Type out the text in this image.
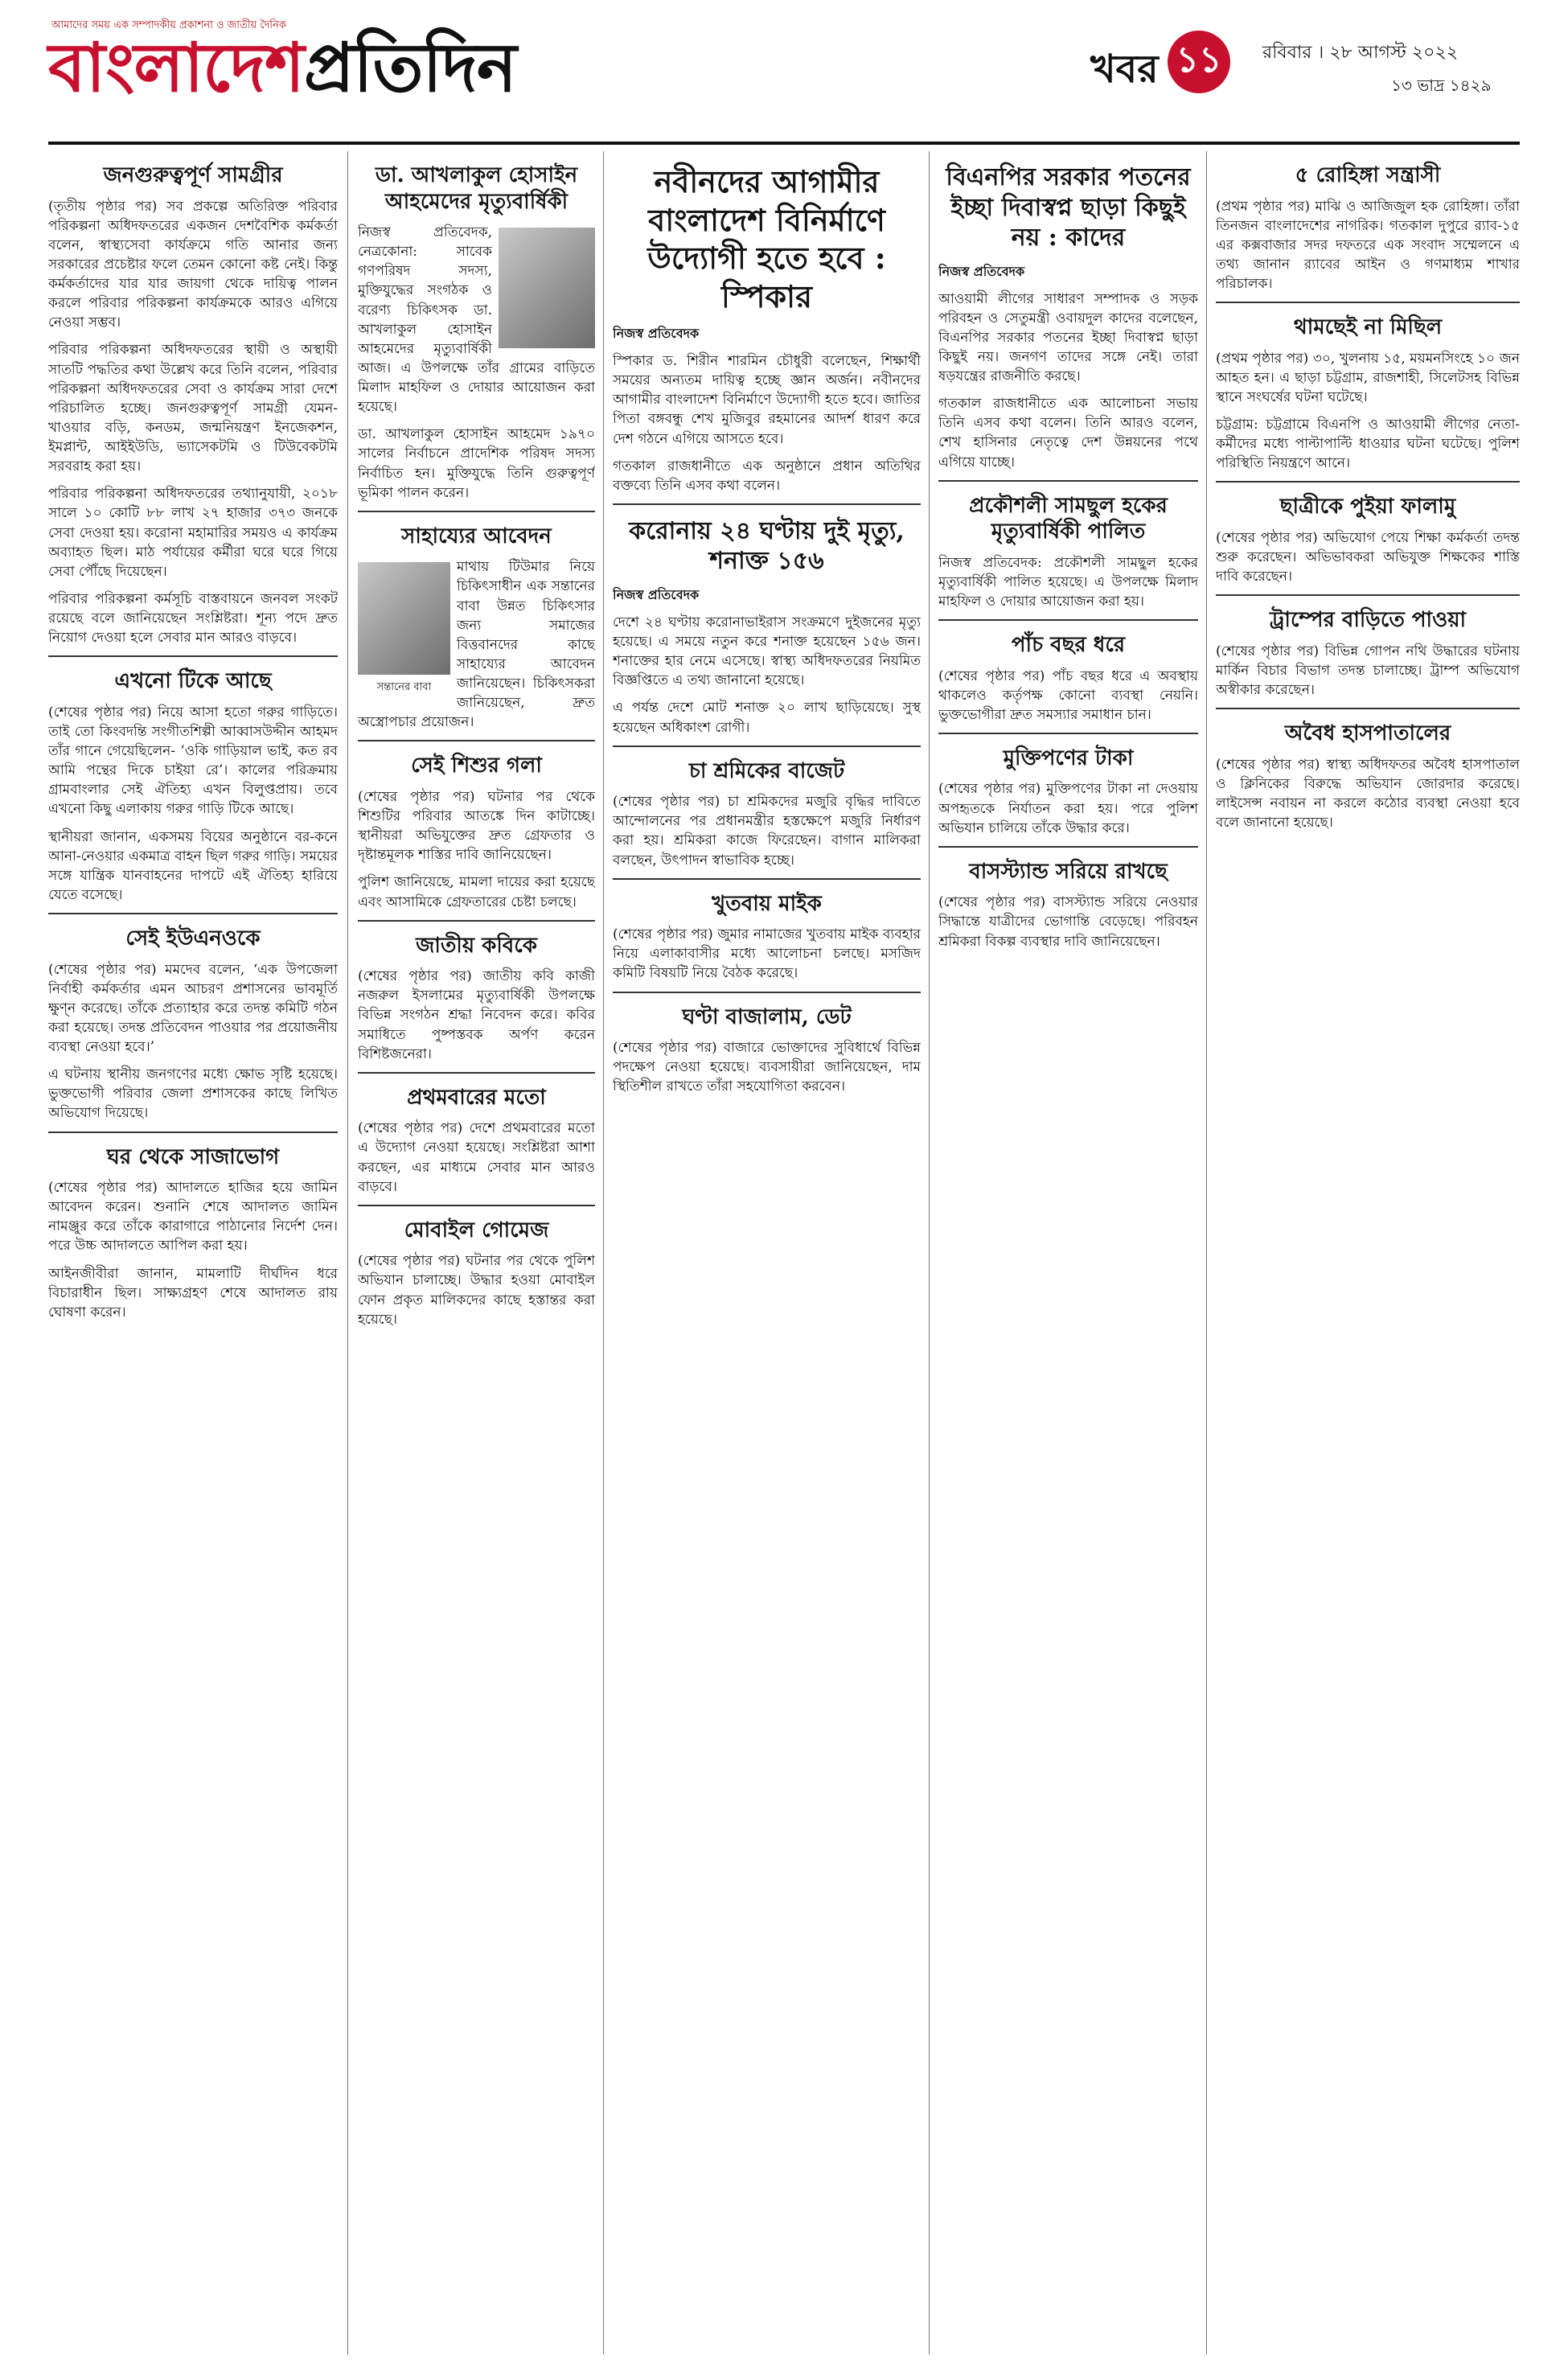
আমাদের সময় এক সম্পাদকীয় প্রকাশনা ও জাতীয় দৈনিক
বাংলাদেশপ্রতিদিন	খবর ১১	রবিবার । ২৮ আগস্ট ২০২২
১৩ ভাদ্র ১৪২৯
জনগুরুত্বপূর্ণ সামগ্রীর

(তৃতীয় পৃষ্ঠার পর) সব প্রকল্পে অতিরিক্ত পরিবার পরিকল্পনা অধিদফতরের একজন দেশবৈশিক কর্মকর্তা বলেন, স্বাস্থ্যসেবা কার্যক্রমে গতি আনার জন্য সরকারের প্রচেষ্টার ফলে তেমন কোনো কষ্ট নেই। কিন্তু কর্মকর্তাদের যার যার জায়গা থেকে দায়িত্ব পালন করলে পরিবার পরিকল্পনা কার্যক্রমকে আরও এগিয়ে নেওয়া সম্ভব।

পরিবার পরিকল্পনা অধিদফতরের স্থায়ী ও অস্থায়ী সাতটি পদ্ধতির কথা উল্লেখ করে তিনি বলেন, পরিবার পরিকল্পনা অধিদফতরের সেবা ও কার্যক্রম সারা দেশে পরিচালিত হচ্ছে। জনগুরুত্বপূর্ণ সামগ্রী যেমন- খাওয়ার বড়ি, কনডম, জন্মনিয়ন্ত্রণ ইনজেকশন, ইমপ্লান্ট, আইইউডি, ভ্যাসেকটমি ও টিউবেকটমি সরবরাহ করা হয়।

পরিবার পরিকল্পনা অধিদফতরের তথ্যানুযায়ী, ২০১৮ সালে ১০ কোটি ৮৮ লাখ ২৭ হাজার ৩৭৩ জনকে সেবা দেওয়া হয়। করোনা মহামারির সময়ও এ কার্যক্রম অব্যাহত ছিল। মাঠ পর্যায়ের কর্মীরা ঘরে ঘরে গিয়ে সেবা পৌঁছে দিয়েছেন।

পরিবার পরিকল্পনা কর্মসূচি বাস্তবায়নে জনবল সংকট রয়েছে বলে জানিয়েছেন সংশ্লিষ্টরা। শূন্য পদে দ্রুত নিয়োগ দেওয়া হলে সেবার মান আরও বাড়বে।

এখনো টিকে আছে

(শেষের পৃষ্ঠার পর) নিয়ে আসা হতো গরুর গাড়িতে। তাই তো কিংবদন্তি সংগীতশিল্পী আব্বাসউদ্দীন আহমদ তাঁর গানে গেয়েছিলেন- ‘ওকি গাড়িয়াল ভাই, কত রব আমি পন্থের দিকে চাইয়া রে’। কালের পরিক্রমায় গ্রামবাংলার সেই ঐতিহ্য এখন বিলুপ্তপ্রায়। তবে এখনো কিছু এলাকায় গরুর গাড়ি টিকে আছে।

স্থানীয়রা জানান, একসময় বিয়ের অনুষ্ঠানে বর-কনে আনা-নেওয়ার একমাত্র বাহন ছিল গরুর গাড়ি। সময়ের সঙ্গে যান্ত্রিক যানবাহনের দাপটে এই ঐতিহ্য হারিয়ে যেতে বসেছে।

সেই ইউএনওকে

(শেষের পৃষ্ঠার পর) মমদেব বলেন, ‘এক উপজেলা নির্বাহী কর্মকর্তার এমন আচরণ প্রশাসনের ভাবমূর্তি ক্ষুণ্ন করেছে। তাঁকে প্রত্যাহার করে তদন্ত কমিটি গঠন করা হয়েছে। তদন্ত প্রতিবেদন পাওয়ার পর প্রয়োজনীয় ব্যবস্থা নেওয়া হবে।’

এ ঘটনায় স্থানীয় জনগণের মধ্যে ক্ষোভ সৃষ্টি হয়েছে। ভুক্তভোগী পরিবার জেলা প্রশাসকের কাছে লিখিত অভিযোগ দিয়েছে।

ঘর থেকে সাজাভোগ

(শেষের পৃষ্ঠার পর) আদালতে হাজির হয়ে জামিন আবেদন করেন। শুনানি শেষে আদালত জামিন নামঞ্জুর করে তাঁকে কারাগারে পাঠানোর নির্দেশ দেন। পরে উচ্চ আদালতে আপিল করা হয়।

আইনজীবীরা জানান, মামলাটি দীর্ঘদিন ধরে বিচারাধীন ছিল। সাক্ষ্যগ্রহণ শেষে আদালত রায় ঘোষণা করেন।

ডা. আখলাকুল হোসাইন আহমেদের মৃত্যুবার্ষিকী

নিজস্ব প্রতিবেদক, নেত্রকোনা: সাবেক গণপরিষদ সদস্য, মুক্তিযুদ্ধের সংগঠক ও বরেণ্য চিকিৎসক ডা. আখলাকুল হোসাইন আহমেদের মৃত্যুবার্ষিকী আজ। এ উপলক্ষে তাঁর গ্রামের বাড়িতে মিলাদ মাহফিল ও দোয়ার আয়োজন করা হয়েছে।

ডা. আখলাকুল হোসাইন আহমেদ ১৯৭০ সালের নির্বাচনে প্রাদেশিক পরিষদ সদস্য নির্বাচিত হন। মুক্তিযুদ্ধে তিনি গুরুত্বপূর্ণ ভূমিকা পালন করেন।

সাহায্যের আবেদন
সন্তানের বাবা

মাথায় টিউমার নিয়ে চিকিৎসাধীন এক সন্তানের বাবা উন্নত চিকিৎসার জন্য সমাজের বিত্তবানদের কাছে সাহায্যের আবেদন জানিয়েছেন। চিকিৎসকরা জানিয়েছেন, দ্রুত অস্ত্রোপচার প্রয়োজন।

সেই শিশুর গলা

(শেষের পৃষ্ঠার পর) ঘটনার পর থেকে শিশুটির পরিবার আতঙ্কে দিন কাটাচ্ছে। স্থানীয়রা অভিযুক্তের দ্রুত গ্রেফতার ও দৃষ্টান্তমূলক শাস্তির দাবি জানিয়েছেন।

পুলিশ জানিয়েছে, মামলা দায়ের করা হয়েছে এবং আসামিকে গ্রেফতারের চেষ্টা চলছে।

জাতীয় কবিকে

(শেষের পৃষ্ঠার পর) জাতীয় কবি কাজী নজরুল ইসলামের মৃত্যুবার্ষিকী উপলক্ষে বিভিন্ন সংগঠন শ্রদ্ধা নিবেদন করে। কবির সমাধিতে পুষ্পস্তবক অর্পণ করেন বিশিষ্টজনেরা।

প্রথমবারের মতো

(শেষের পৃষ্ঠার পর) দেশে প্রথমবারের মতো এ উদ্যোগ নেওয়া হয়েছে। সংশ্লিষ্টরা আশা করছেন, এর মাধ্যমে সেবার মান আরও বাড়বে।

মোবাইল গোমেজ

(শেষের পৃষ্ঠার পর) ঘটনার পর থেকে পুলিশ অভিযান চালাচ্ছে। উদ্ধার হওয়া মোবাইল ফোন প্রকৃত মালিকদের কাছে হস্তান্তর করা হয়েছে।

নবীনদের আগামীর বাংলাদেশ বিনির্মাণে উদ্যোগী হতে হবে : স্পিকার
নিজস্ব প্রতিবেদক

স্পিকার ড. শিরীন শারমিন চৌধুরী বলেছেন, শিক্ষার্থী সময়ের অন্যতম দায়িত্ব হচ্ছে জ্ঞান অর্জন। নবীনদের আগামীর বাংলাদেশ বিনির্মাণে উদ্যোগী হতে হবে। জাতির পিতা বঙ্গবন্ধু শেখ মুজিবুর রহমানের আদর্শ ধারণ করে দেশ গঠনে এগিয়ে আসতে হবে।

গতকাল রাজধানীতে এক অনুষ্ঠানে প্রধান অতিথির বক্তব্যে তিনি এসব কথা বলেন।

করোনায় ২৪ ঘণ্টায় দুই মৃত্যু, শনাক্ত ১৫৬
নিজস্ব প্রতিবেদক

দেশে ২৪ ঘণ্টায় করোনাভাইরাস সংক্রমণে দুইজনের মৃত্যু হয়েছে। এ সময়ে নতুন করে শনাক্ত হয়েছেন ১৫৬ জন। শনাক্তের হার নেমে এসেছে। স্বাস্থ্য অধিদফতরের নিয়মিত বিজ্ঞপ্তিতে এ তথ্য জানানো হয়েছে।

এ পর্যন্ত দেশে মোট শনাক্ত ২০ লাখ ছাড়িয়েছে। সুস্থ হয়েছেন অধিকাংশ রোগী।

চা শ্রমিকের বাজেট

(শেষের পৃষ্ঠার পর) চা শ্রমিকদের মজুরি বৃদ্ধির দাবিতে আন্দোলনের পর প্রধানমন্ত্রীর হস্তক্ষেপে মজুরি নির্ধারণ করা হয়। শ্রমিকরা কাজে ফিরেছেন। বাগান মালিকরা বলছেন, উৎপাদন স্বাভাবিক হচ্ছে।

খুতবায় মাইক

(শেষের পৃষ্ঠার পর) জুমার নামাজের খুতবায় মাইক ব্যবহার নিয়ে এলাকাবাসীর মধ্যে আলোচনা চলছে। মসজিদ কমিটি বিষয়টি নিয়ে বৈঠক করেছে।

ঘণ্টা বাজালাম, ডেট

(শেষের পৃষ্ঠার পর) বাজারে ভোক্তাদের সুবিধার্থে বিভিন্ন পদক্ষেপ নেওয়া হয়েছে। ব্যবসায়ীরা জানিয়েছেন, দাম স্থিতিশীল রাখতে তাঁরা সহযোগিতা করবেন।

বিএনপির সরকার পতনের ইচ্ছা দিবাস্বপ্ন ছাড়া কিছুই নয় : কাদের
নিজস্ব প্রতিবেদক

আওয়ামী লীগের সাধারণ সম্পাদক ও সড়ক পরিবহন ও সেতুমন্ত্রী ওবায়দুল কাদের বলেছেন, বিএনপির সরকার পতনের ইচ্ছা দিবাস্বপ্ন ছাড়া কিছুই নয়। জনগণ তাদের সঙ্গে নেই। তারা ষড়যন্ত্রের রাজনীতি করছে।

গতকাল রাজধানীতে এক আলোচনা সভায় তিনি এসব কথা বলেন। তিনি আরও বলেন, শেখ হাসিনার নেতৃত্বে দেশ উন্নয়নের পথে এগিয়ে যাচ্ছে।

প্রকৌশলী সামছুল হকের মৃত্যুবার্ষিকী পালিত

নিজস্ব প্রতিবেদক: প্রকৌশলী সামছুল হকের মৃত্যুবার্ষিকী পালিত হয়েছে। এ উপলক্ষে মিলাদ মাহফিল ও দোয়ার আয়োজন করা হয়।

পাঁচ বছর ধরে

(শেষের পৃষ্ঠার পর) পাঁচ বছর ধরে এ অবস্থায় থাকলেও কর্তৃপক্ষ কোনো ব্যবস্থা নেয়নি। ভুক্তভোগীরা দ্রুত সমস্যার সমাধান চান।

মুক্তিপণের টাকা

(শেষের পৃষ্ঠার পর) মুক্তিপণের টাকা না দেওয়ায় অপহৃতকে নির্যাতন করা হয়। পরে পুলিশ অভিযান চালিয়ে তাঁকে উদ্ধার করে।

বাসস্ট্যান্ড সরিয়ে রাখছে

(শেষের পৃষ্ঠার পর) বাসস্ট্যান্ড সরিয়ে নেওয়ার সিদ্ধান্তে যাত্রীদের ভোগান্তি বেড়েছে। পরিবহন শ্রমিকরা বিকল্প ব্যবস্থার দাবি জানিয়েছেন।

৫ রোহিঙ্গা সন্ত্রাসী

(প্রথম পৃষ্ঠার পর) মাঝি ও আজিজুল হক রোহিঙ্গা। তাঁরা তিনজন বাংলাদেশের নাগরিক। গতকাল দুপুরে র‌্যাব-১৫ এর কক্সবাজার সদর দফতরে এক সংবাদ সম্মেলনে এ তথ্য জানান র‌্যাবের আইন ও গণমাধ্যম শাখার পরিচালক।

থামছেই না মিছিল

(প্রথম পৃষ্ঠার পর) ৩০, খুলনায় ১৫, ময়মনসিংহে ১০ জন আহত হন। এ ছাড়া চট্টগ্রাম, রাজশাহী, সিলেটসহ বিভিন্ন স্থানে সংঘর্ষের ঘটনা ঘটেছে।

চট্টগ্রাম: চট্টগ্রামে বিএনপি ও আওয়ামী লীগের নেতা-কর্মীদের মধ্যে পাল্টাপাল্টি ধাওয়ার ঘটনা ঘটেছে। পুলিশ পরিস্থিতি নিয়ন্ত্রণে আনে।

ছাত্রীকে পুইয়া ফালামু

(শেষের পৃষ্ঠার পর) অভিযোগ পেয়ে শিক্ষা কর্মকর্তা তদন্ত শুরু করেছেন। অভিভাবকরা অভিযুক্ত শিক্ষকের শাস্তি দাবি করেছেন।

ট্রাম্পের বাড়িতে পাওয়া

(শেষের পৃষ্ঠার পর) বিভিন্ন গোপন নথি উদ্ধারের ঘটনায় মার্কিন বিচার বিভাগ তদন্ত চালাচ্ছে। ট্রাম্প অভিযোগ অস্বীকার করেছেন।

অবৈধ হাসপাতালের

(শেষের পৃষ্ঠার পর) স্বাস্থ্য অধিদফতর অবৈধ হাসপাতাল ও ক্লিনিকের বিরুদ্ধে অভিযান জোরদার করেছে। লাইসেন্স নবায়ন না করলে কঠোর ব্যবস্থা নেওয়া হবে বলে জানানো হয়েছে।
